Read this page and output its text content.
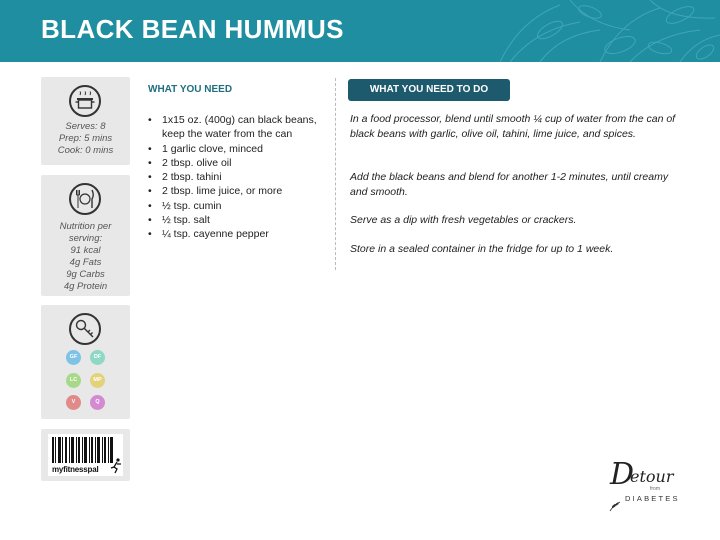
BLACK BEAN HUMMUS
Serves: 8
Prep: 5 mins
Cook: 0 mins
Nutrition per
serving:
91 kcal
4g Fats
9g Carbs
4g Protein
GF	DF
LC	MP
V	Q
myfitnesspal
WHAT YOU NEED
• 1x15 oz. (400g) can black beans, keep the water from the can
• 1 garlic clove, minced
• 2 tbsp. olive oil
• 2 tbsp. tahini
• 2 tbsp. lime juice, or more
• ½ tsp. cumin
• ½ tsp. salt
• ¼ tsp. cayenne pepper
WHAT YOU NEED TO DO

In a food processor, blend until smooth ¼ cup of water from the can of black beans with garlic, olive oil, tahini, lime juice, and spices.

Add the black beans and blend for another 1-2 minutes, until creamy and smooth.

Serve as a dip with fresh vegetables or crackers.

Store in a sealed container in the fridge for up to 1 week.

D
etour
from
DIABETES
